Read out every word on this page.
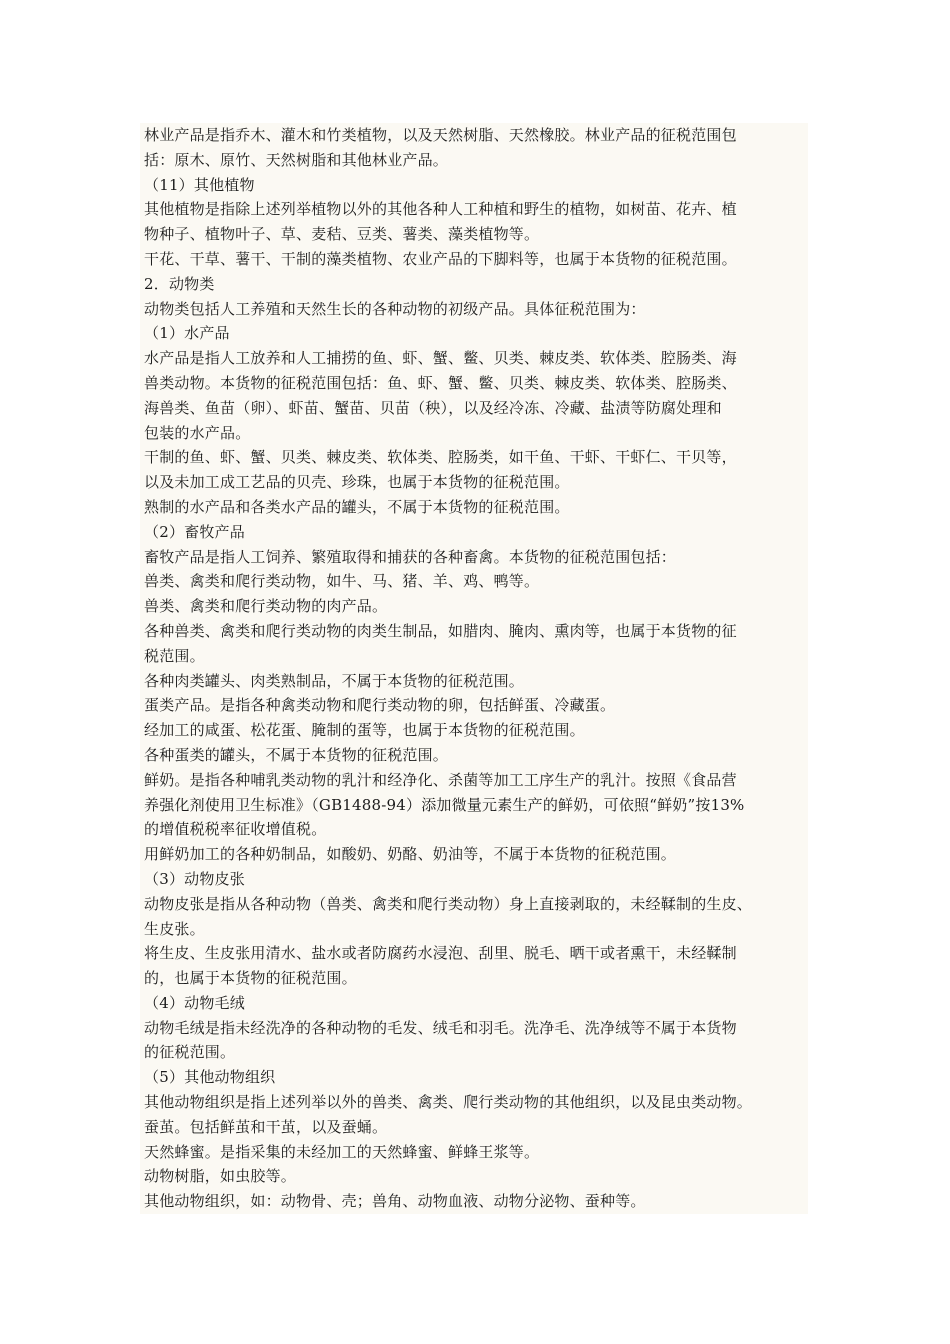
林业产品是指乔木、灌木和竹类植物，以及天然树脂、天然橡胶。林业产品的征税范围包
括：原木、原竹、天然树脂和其他林业产品。
（11）其他植物
其他植物是指除上述列举植物以外的其他各种人工种植和野生的植物，如树苗、花卉、植
物种子、植物叶子、草、麦秸、豆类、薯类、藻类植物等。
干花、干草、薯干、干制的藻类植物、农业产品的下脚料等，也属于本货物的征税范围。
2．动物类
动物类包括人工养殖和天然生长的各种动物的初级产品。具体征税范围为：
（1）水产品
水产品是指人工放养和人工捕捞的鱼、虾、蟹、鳖、贝类、棘皮类、软体类、腔肠类、海
兽类动物。本货物的征税范围包括：鱼、虾、蟹、鳖、贝类、棘皮类、软体类、腔肠类、
海兽类、鱼苗（卵）、虾苗、蟹苗、贝苗（秧），以及经冷冻、冷藏、盐渍等防腐处理和
包装的水产品。
干制的鱼、虾、蟹、贝类、棘皮类、软体类、腔肠类，如干鱼、干虾、干虾仁、干贝等，
以及未加工成工艺品的贝壳、珍珠，也属于本货物的征税范围。
熟制的水产品和各类水产品的罐头，不属于本货物的征税范围。
（2）畜牧产品
畜牧产品是指人工饲养、繁殖取得和捕获的各种畜禽。本货物的征税范围包括：
兽类、禽类和爬行类动物，如牛、马、猪、羊、鸡、鸭等。
兽类、禽类和爬行类动物的肉产品。
各种兽类、禽类和爬行类动物的肉类生制品，如腊肉、腌肉、熏肉等，也属于本货物的征
税范围。
各种肉类罐头、肉类熟制品，不属于本货物的征税范围。
蛋类产品。是指各种禽类动物和爬行类动物的卵，包括鲜蛋、冷藏蛋。
经加工的咸蛋、松花蛋、腌制的蛋等，也属于本货物的征税范围。
各种蛋类的罐头，不属于本货物的征税范围。
鲜奶。是指各种哺乳类动物的乳汁和经净化、杀菌等加工工序生产的乳汁。按照《食品营
养强化剂使用卫生标准》（GB1488-94）添加微量元素生产的鲜奶，可依照“鲜奶”按13%
的增值税税率征收增值税。
用鲜奶加工的各种奶制品，如酸奶、奶酪、奶油等，不属于本货物的征税范围。
（3）动物皮张
动物皮张是指从各种动物（兽类、禽类和爬行类动物）身上直接剥取的，未经鞣制的生皮、
生皮张。
将生皮、生皮张用清水、盐水或者防腐药水浸泡、刮里、脱毛、晒干或者熏干，未经鞣制
的，也属于本货物的征税范围。
（4）动物毛绒
动物毛绒是指未经洗净的各种动物的毛发、绒毛和羽毛。洗净毛、洗净绒等不属于本货物
的征税范围。
（5）其他动物组织
其他动物组织是指上述列举以外的兽类、禽类、爬行类动物的其他组织，以及昆虫类动物。
蚕茧。包括鲜茧和干茧，以及蚕蛹。
天然蜂蜜。是指采集的未经加工的天然蜂蜜、鲜蜂王浆等。
动物树脂，如虫胶等。
其他动物组织，如：动物骨、壳；兽角、动物血液、动物分泌物、蚕种等。
